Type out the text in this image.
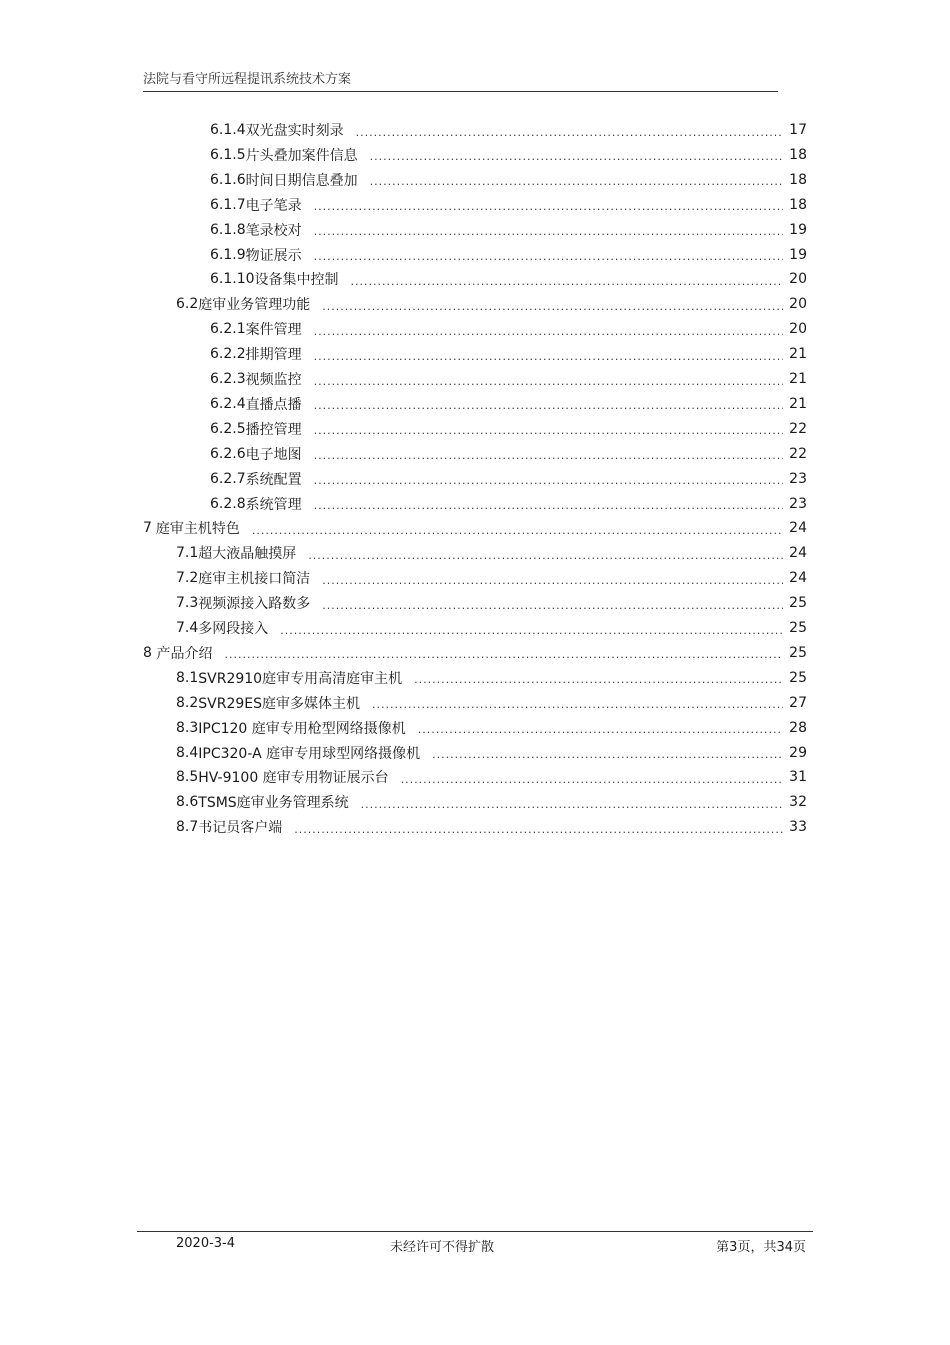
法院与看守所远程提讯系统技术方案
6.1.4 双光盘实时刻录 .....	17
6.1.5 片头叠加案件信息 .....	18
6.1.6 时间日期信息叠加 .....	18
6.1.7 电子笔录 .....	18
6.1.8 笔录校对 .....	19
6.1.9 物证展示 .....	19
6.1.10 设备集中控制 .....	20
6.2 庭审业务管理功能 .....	20
6.2.1 案件管理 .....	20
6.2.2 排期管理 .....	21
6.2.3 视频监控 .....	21
6.2.4 直播点播 .....	21
6.2.5 播控管理 .....	22
6.2.6 电子地图 .....	22
6.2.7 系统配置 .....	23
6.2.8 系统管理 .....	23
7 庭审主机特色 .....	24
7.1 超大液晶触摸屏 .....	24
7.2 庭审主机接口简洁 .....	24
7.3 视频源接入路数多 .....	25
7.4 多网段接入 .....	25
8 产品介绍 .....	25
8.1 SVR2910庭审专用高清庭审主机 .....	25
8.2 SVR29ES庭审多媒体主机 .....	27
8.3 IPC120 庭审专用枪型网络摄像机 .....	28
8.4 IPC320-A 庭审专用球型网络摄像机 .....	29
8.5 HV-9100 庭审专用物证展示台 .....	31
8.6 TSMS庭审业务管理系统 .....	32
8.7 书记员客户端 .....	33
2020-3-4	未经许可不得扩散	第3页，共34页
